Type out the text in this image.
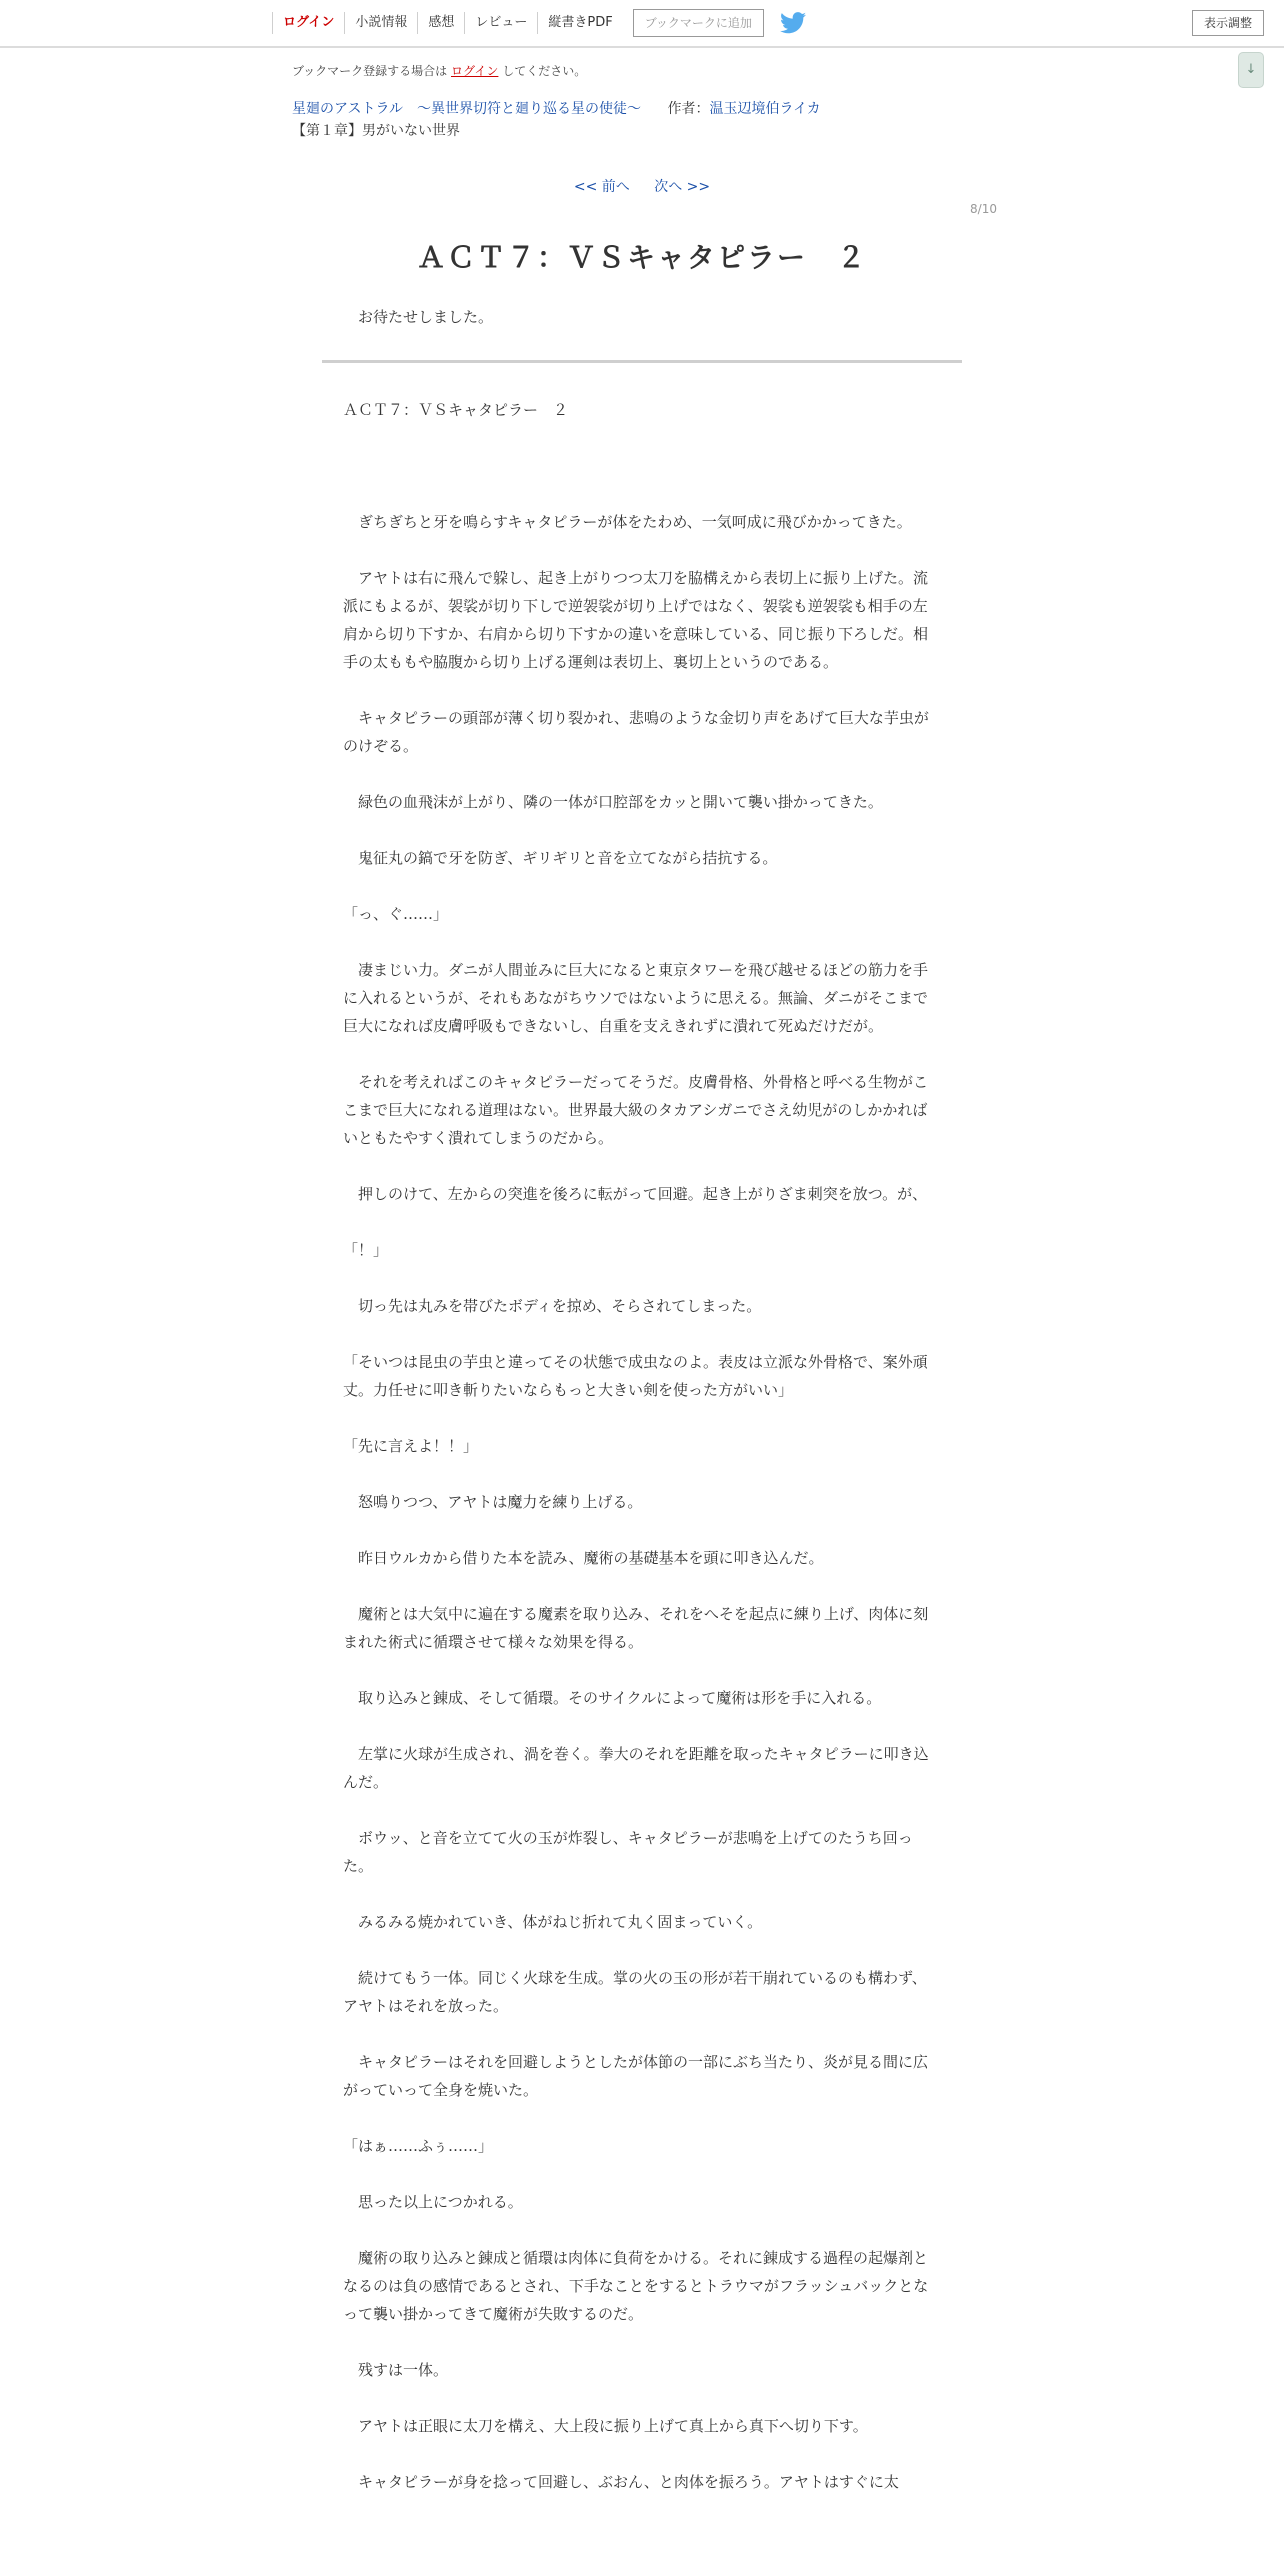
ログイン	小説情報	感想	レビュー	縦書きPDF	ブックマークに追加	表示調整
↓
ブックマーク登録する場合は ログイン してください。
星廻のアストラル　～異世界切符と廻り巡る星の使徒～ 作者：温玉辺境伯ライカ
【第１章】男がいない世界
<< 前へ 次へ >>
8/10
ＡＣＴ７：ＶＳキャタピラー　２
お待たせしました。

ＡＣＴ７：ＶＳキャタピラー　２

　ぎちぎちと牙を鳴らすキャタピラーが体をたわめ、一気呵成に飛びかかってきた。

　アヤトは右に飛んで躱し、起き上がりつつ太刀を脇構えから表切上に振り上げた。流派にもよるが、袈裟が切り下しで逆袈裟が切り上げではなく、袈裟も逆袈裟も相手の左肩から切り下すか、右肩から切り下すかの違いを意味している、同じ振り下ろしだ。相手の太ももや脇腹から切り上げる運剣は表切上、裏切上というのである。

　キャタピラーの頭部が薄く切り裂かれ、悲鳴のような金切り声をあげて巨大な芋虫がのけぞる。

　緑色の血飛沫が上がり、隣の一体が口腔部をカッと開いて襲い掛かってきた。

　鬼征丸の鎬で牙を防ぎ、ギリギリと音を立てながら拮抗する。

「っ、ぐ……」

　凄まじい力。ダニが人間並みに巨大になると東京タワーを飛び越せるほどの筋力を手に入れるというが、それもあながちウソではないように思える。無論、ダニがそこまで巨大になれば皮膚呼吸もできないし、自重を支えきれずに潰れて死ぬだけだが。

　それを考えればこのキャタピラーだってそうだ。皮膚骨格、外骨格と呼べる生物がここまで巨大になれる道理はない。世界最大級のタカアシガニでさえ幼児がのしかかればいともたやすく潰れてしまうのだから。

　押しのけて、左からの突進を後ろに転がって回避。起き上がりざま刺突を放つ。が、

「！」

　切っ先は丸みを帯びたボディを掠め、そらされてしまった。

「そいつは昆虫の芋虫と違ってその状態で成虫なのよ。表皮は立派な外骨格で、案外頑丈。力任せに叩き斬りたいならもっと大きい剣を使った方がいい」

「先に言えよ！！」

　怒鳴りつつ、アヤトは魔力を練り上げる。

　昨日ウルカから借りた本を読み、魔術の基礎基本を頭に叩き込んだ。

　魔術とは大気中に遍在する魔素を取り込み、それをへそを起点に練り上げ、肉体に刻まれた術式に循環させて様々な効果を得る。

　取り込みと錬成、そして循環。そのサイクルによって魔術は形を手に入れる。

　左掌に火球が生成され、渦を巻く。拳大のそれを距離を取ったキャタピラーに叩き込んだ。

　ボウッ、と音を立てて火の玉が炸裂し、キャタピラーが悲鳴を上げてのたうち回った。

　みるみる焼かれていき、体がねじ折れて丸く固まっていく。

　続けてもう一体。同じく火球を生成。掌の火の玉の形が若干崩れているのも構わず、アヤトはそれを放った。

　キャタピラーはそれを回避しようとしたが体節の一部にぶち当たり、炎が見る間に広がっていって全身を焼いた。

「はぁ……ふぅ……」

　思った以上につかれる。

　魔術の取り込みと錬成と循環は肉体に負荷をかける。それに錬成する過程の起爆剤となるのは負の感情であるとされ、下手なことをするとトラウマがフラッシュバックとなって襲い掛かってきて魔術が失敗するのだ。

　残すは一体。

　アヤトは正眼に太刀を構え、大上段に振り上げて真上から真下へ切り下す。

　キャタピラーが身を捻って回避し、ぶおん、と肉体を振ろう。アヤトはすぐに太
